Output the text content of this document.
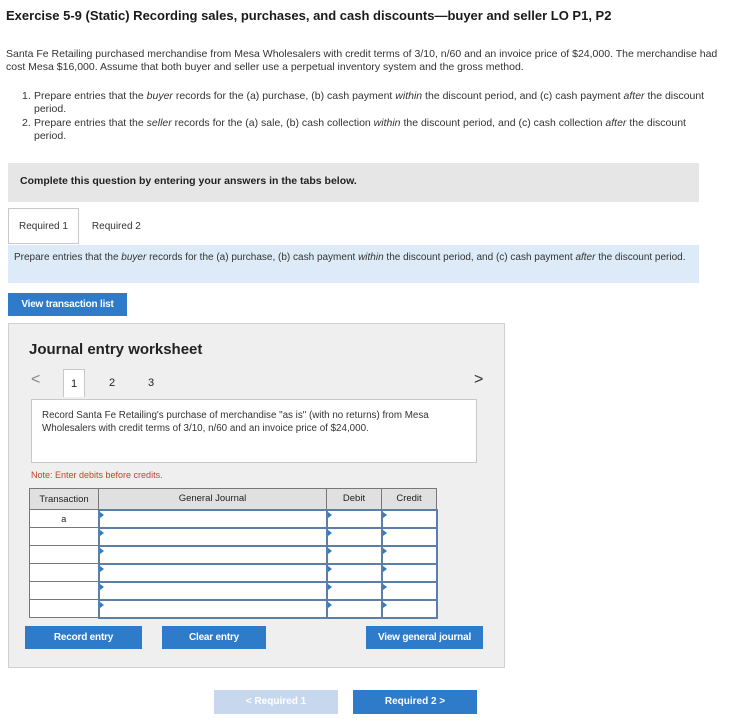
Exercise 5-9 (Static) Recording sales, purchases, and cash discounts—buyer and seller LO P1, P2
Santa Fe Retailing purchased merchandise from Mesa Wholesalers with credit terms of 3/10, n/60 and an invoice price of $24,000. The merchandise had cost Mesa $16,000. Assume that both buyer and seller use a perpetual inventory system and the gross method.
1. Prepare entries that the buyer records for the (a) purchase, (b) cash payment within the discount period, and (c) cash payment after the discount period.
2. Prepare entries that the seller records for the (a) sale, (b) cash collection within the discount period, and (c) cash collection after the discount period.
Complete this question by entering your answers in the tabs below.
Required 1	Required 2
Prepare entries that the buyer records for the (a) purchase, (b) cash payment within the discount period, and (c) cash payment after the discount period.
View transaction list
Journal entry worksheet
<	1	2	3	>
Record Santa Fe Retailing's purchase of merchandise "as is" (with no returns) from Mesa Wholesalers with credit terms of 3/10, n/60 and an invoice price of $24,000.
Note: Enter debits before credits.
Transaction	General Journal	Debit	Credit
a			

Record entry	Clear entry	View general journal
< Required 1	Required 2 >
